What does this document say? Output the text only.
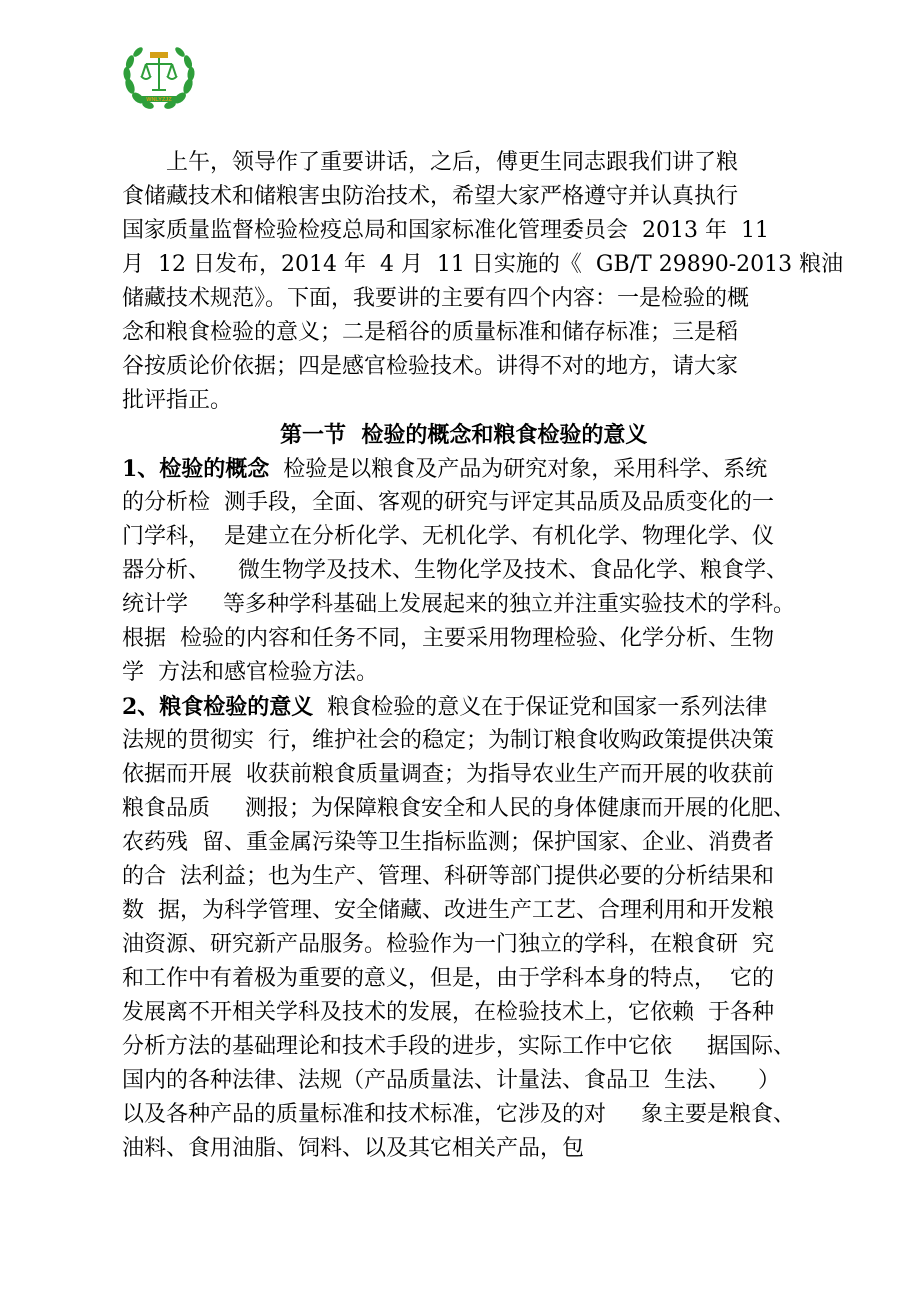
WNLYZJZ
上午，领导作了重要讲话，之后，傅更生同志跟我们讲了粮
食储藏技术和储粮害虫防治技术，希望大家严格遵守并认真执行
国家质量监督检验检疫总局和国家标准化管理委员会  2013 年  11
月  12 日发布，2014 年  4 月  11 日实施的《  GB/T 29890-2013 粮油
储藏技术规范》。下面，我要讲的主要有四个内容：一是检验的概
念和粮食检验的意义；二是稻谷的质量标准和储存标准；三是稻
谷按质论价依据；四是感官检验技术。讲得不对的地方，请大家
批评指正。
第一节  检验的概念和粮食检验的意义
1、检验的概念  检验是以粮食及产品为研究对象，采用科学、系统
的分析检  测手段，全面、客观的研究与评定其品质及品质变化的一
门学科，  是建立在分析化学、无机化学、有机化学、物理化学、仪
器分析、    微生物学及技术、生物化学及技术、食品化学、粮食学、
统计学     等多种学科基础上发展起来的独立并注重实验技术的学科。
根据  检验的内容和任务不同，主要采用物理检验、化学分析、生物
学  方法和感官检验方法。
2、粮食检验的意义  粮食检验的意义在于保证党和国家一系列法律
法规的贯彻实  行，维护社会的稳定；为制订粮食收购政策提供决策
依据而开展  收获前粮食质量调查；为指导农业生产而开展的收获前
粮食品质     测报；为保障粮食安全和人民的身体健康而开展的化肥、
农药残  留、重金属污染等卫生指标监测；保护国家、企业、消费者
的合  法利益；也为生产、管理、科研等部门提供必要的分析结果和
数  据，为科学管理、安全储藏、改进生产工艺、合理利用和开发粮
油资源、研究新产品服务。检验作为一门独立的学科，在粮食研  究
和工作中有着极为重要的意义，但是，由于学科本身的特点，  它的
发展离不开相关学科及技术的发展，在检验技术上，它依赖  于各种
分析方法的基础理论和技术手段的进步，实际工作中它依     据国际、
国内的各种法律、法规（产品质量法、计量法、食品卫  生法、    ）
以及各种产品的质量标准和技术标准，它涉及的对     象主要是粮食、
油料、食用油脂、饲料、以及其它相关产品，包
